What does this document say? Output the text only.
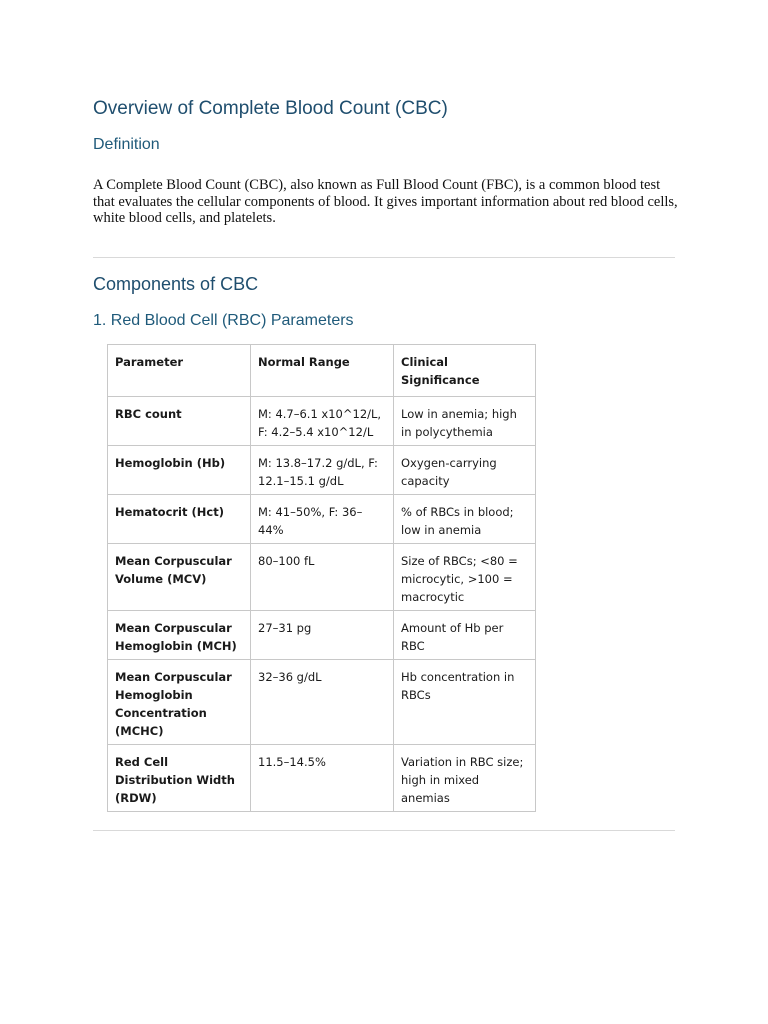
Overview of Complete Blood Count (CBC)
Definition

A Complete Blood Count (CBC), also known as Full Blood Count (FBC), is a common blood test that evaluates the cellular components of blood. It gives important information about red blood cells, white blood cells, and platelets.

Components of CBC
1. Red Blood Cell (RBC) Parameters
Parameter	Normal Range	Clinical Significance
RBC count	M: 4.7–6.1 x10^12/L, F: 4.2–5.4 x10^12/L	Low in anemia; high in polycythemia
Hemoglobin (Hb)	M: 13.8–17.2 g/dL, F: 12.1–15.1 g/dL	Oxygen-carrying capacity
Hematocrit (Hct)	M: 41–50%, F: 36–44%	% of RBCs in blood; low in anemia
Mean Corpuscular Volume (MCV)	80–100 fL	Size of RBCs; <80 = microcytic, >100 = macrocytic
Mean Corpuscular Hemoglobin (MCH)	27–31 pg	Amount of Hb per RBC
Mean Corpuscular Hemoglobin Concentration (MCHC)	32–36 g/dL	Hb concentration in RBCs
Red Cell Distribution Width (RDW)	11.5–14.5%	Variation in RBC size; high in mixed anemias
